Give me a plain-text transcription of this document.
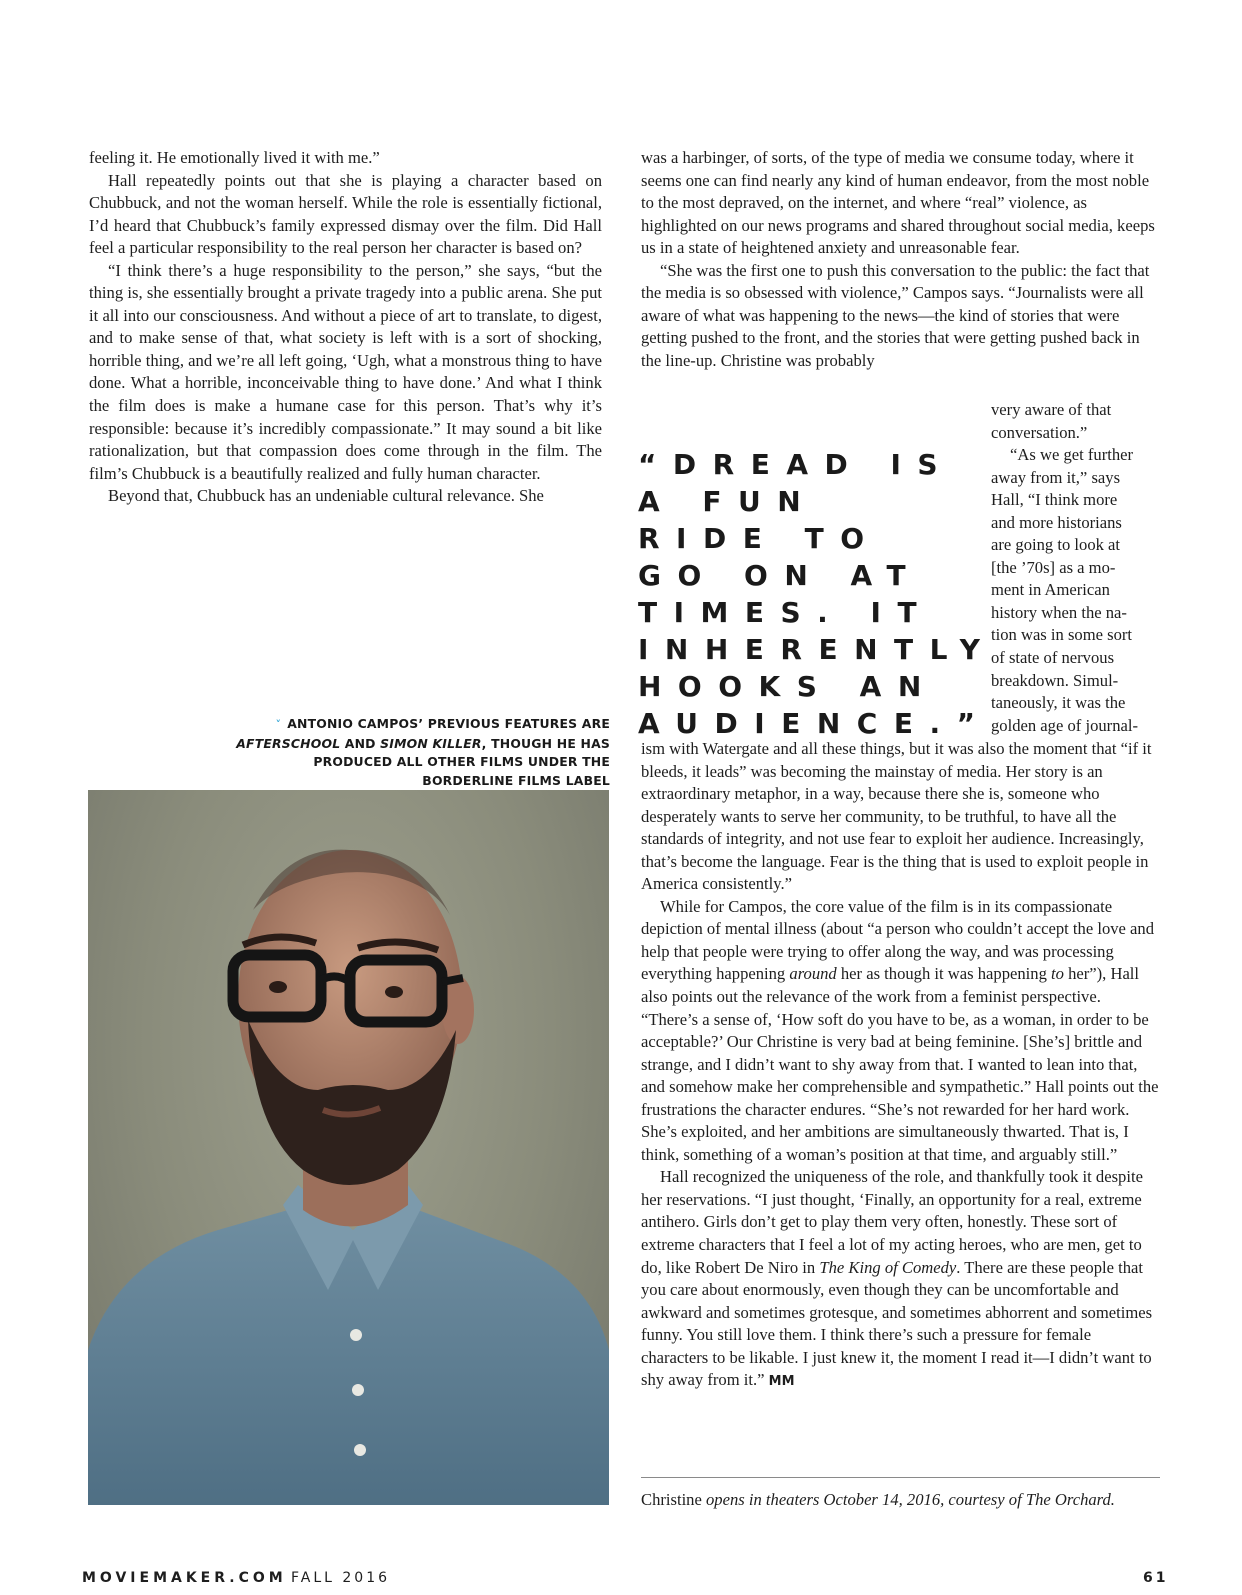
feeling it. He emotionally lived it with me.”

Hall repeatedly points out that she is playing a character based on Chubbuck, and not the woman herself. While the role is essentially fictional, I’d heard that Chubbuck’s family expressed dismay over the film. Did Hall feel a particular responsibility to the real person her character is based on?

“I think there’s a huge responsibility to the person,” she says, “but the thing is, she essentially brought a private tragedy into a public arena. She put it all into our consciousness. And without a piece of art to translate, to digest, and to make sense of that, what society is left with is a sort of shocking, horrible thing, and we’re all left going, ‘Ugh, what a monstrous thing to have done. What a horrible, inconceivable thing to have done.’ And what I think the film does is make a humane case for this person. That’s why it’s responsible: because it’s incredibly compassionate.” It may sound a bit like rationalization, but that compassion does come through in the film. The film’s Chubbuck is a beautifully realized and fully human character.

Beyond that, Chubbuck has an undeniable cultural relevance. She

˅ ANTONIO CAMPOS’ PREVIOUS FEATURES ARE AFTERSCHOOL AND SIMON KILLER, THOUGH HE HAS PRODUCED ALL OTHER FILMS UNDER THE BORDERLINE FILMS LABEL

was a harbinger, of sorts, of the type of media we consume today, where it seems one can find nearly any kind of human endeavor, from the most noble to the most depraved, on the internet, and where “real” violence, as highlighted on our news programs and shared throughout social media, keeps us in a state of heightened anxiety and unreasonable fear.

“She was the first one to push this conversation to the public: the fact that the media is so obsessed with violence,” Campos says. “Journalists were all aware of what was happening to the news—the kind of stories that were getting pushed to the front, and the stories that were getting pushed back in the line-up. Christine was probably

“DREAD IS A FUN RIDE TO GO ON AT TIMES. IT INHERENTLY HOOKS AN AUDIENCE.”
very aware of that
conversation.”
“As we get further
away from it,” says
Hall, “I think more
and more historians
are going to look at
[the ’70s] as a mo-
ment in American
history when the na-
tion was in some sort
of state of nervous
breakdown. Simul-
taneously, it was the
golden age of journal-

ism with Watergate and all these things, but it was also the moment that “if it bleeds, it leads” was becoming the mainstay of media. Her story is an extraordinary metaphor, in a way, because there she is, someone who desperately wants to serve her community, to be truthful, to have all the standards of integrity, and not use fear to exploit her audience. Increasingly, that’s become the language. Fear is the thing that is used to exploit people in America consistently.”

While for Campos, the core value of the film is in its compassionate depiction of mental illness (about “a person who couldn’t accept the love and help that people were trying to offer along the way, and was processing everything happening around her as though it was happening to her”), Hall also points out the relevance of the work from a feminist perspective. “There’s a sense of, ‘How soft do you have to be, as a woman, in order to be acceptable?’ Our Christine is very bad at being feminine. [She’s] brittle and strange, and I didn’t want to shy away from that. I wanted to lean into that, and somehow make her comprehensible and sympathetic.” Hall points out the frustrations the character endures. “She’s not rewarded for her hard work. She’s exploited, and her ambitions are simultaneously thwarted. That is, I think, something of a woman’s position at that time, and arguably still.”

Hall recognized the uniqueness of the role, and thankfully took it despite her reservations. “I just thought, ‘Finally, an opportunity for a real, extreme antihero. Girls don’t get to play them very often, honestly. These sort of extreme characters that I feel a lot of my acting heroes, who are men, get to do, like Robert De Niro in The King of Comedy. There are these people that you care about enormously, even though they can be uncomfortable and awkward and sometimes grotesque, and sometimes abhorrent and sometimes funny. You still love them. I think there’s such a pressure for female characters to be likable. I just knew it, the moment I read it—I didn’t want to shy away from it.” MM

Christine opens in theaters October 14, 2016, courtesy of The Orchard.
MOVIEMAKER.COM FALL 2016	61
